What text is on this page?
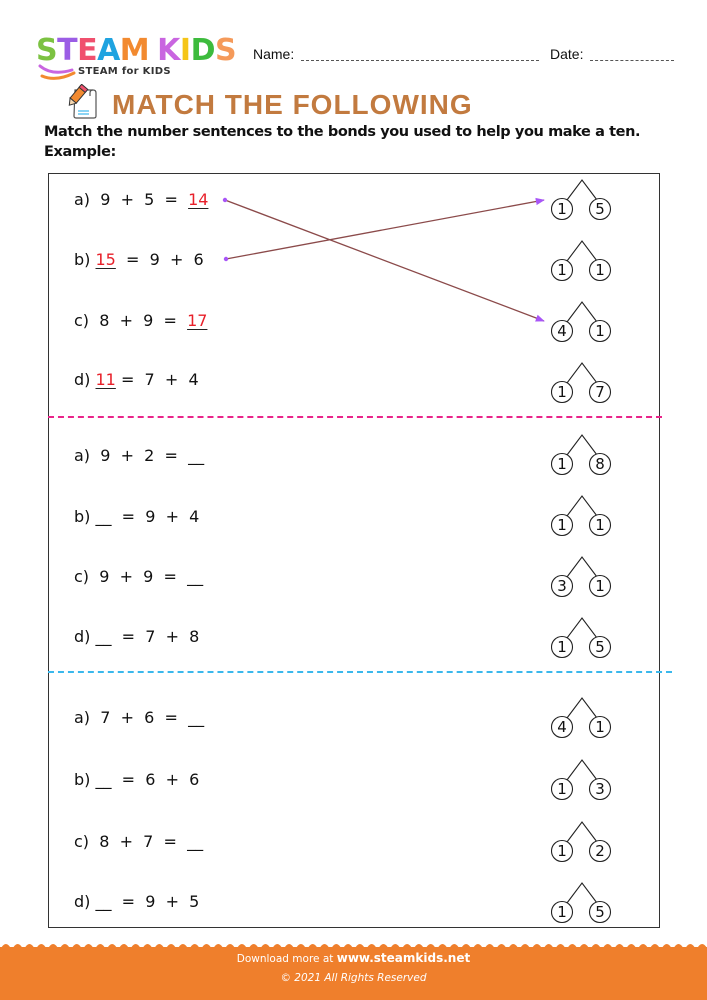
STEAM KIDS
STEAM for KIDS
Name:	Date:
MATCH THE FOLLOWING
Match the number sentences to the bonds you used to help you make a ten.
Example:
a)  9  +  5  =  14
b) 15  =  9  +  6
c)  8  +  9  =  17
d) 11 =  7  +  4
a)  9  +  2  =  __
b) __  =  9  +  4
c)  9  +  9  =  __
d) __  =  7  +  8
a)  7  +  6  =  __
b) __  =  6  +  6
c)  8  +  7  =  __
d) __  =  9  +  5
1	5
1	1
4	1
1	7
1	8
1	1
3	1
1	5
4	1
1	3
1	2
1	5
Download more at www.steamkids.net
© 2021 All Rights Reserved
